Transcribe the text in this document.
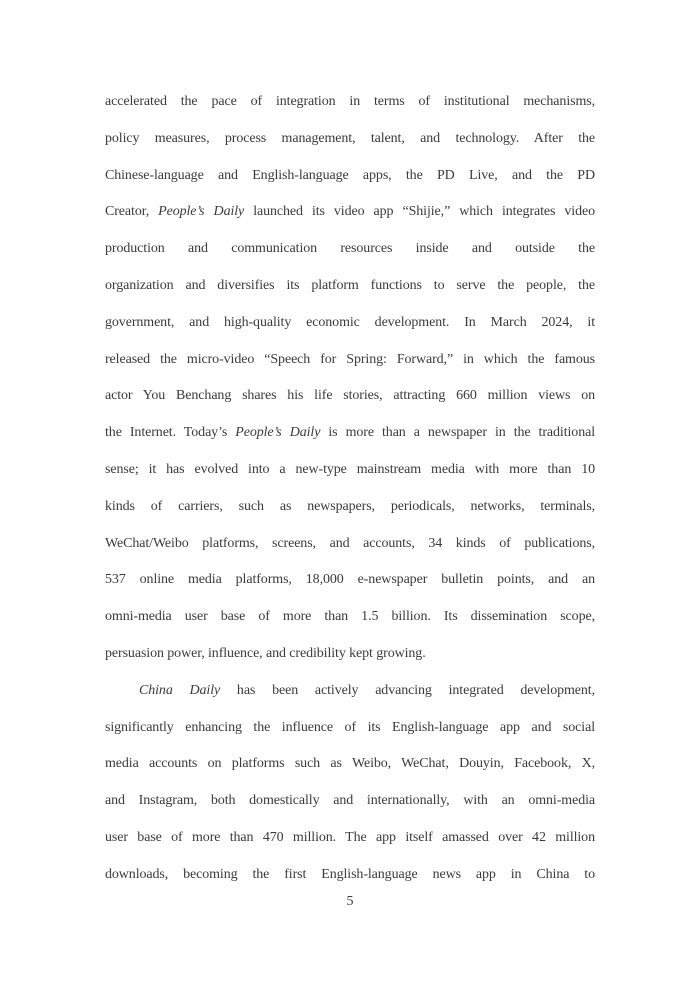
accelerated the pace of integration in terms of institutional mechanisms,
policy measures, process management, talent, and technology. After the
Chinese-language and English-language apps, the PD Live, and the PD
Creator, People’s Daily launched its video app “Shijie,” which integrates video
production and communication resources inside and outside the
organization and diversifies its platform functions to serve the people, the
government, and high-quality economic development. In March 2024, it
released the micro-video “Speech for Spring: Forward,” in which the famous
actor You Benchang shares his life stories, attracting 660 million views on
the Internet. Today’s People’s Daily is more than a newspaper in the traditional
sense; it has evolved into a new-type mainstream media with more than 10
kinds of carriers, such as newspapers, periodicals, networks, terminals,
WeChat/Weibo platforms, screens, and accounts, 34 kinds of publications,
537 online media platforms, 18,000 e-newspaper bulletin points, and an
omni-media user base of more than 1.5 billion. Its dissemination scope,
persuasion power, influence, and credibility kept growing.
China Daily has been actively advancing integrated development,
significantly enhancing the influence of its English-language app and social
media accounts on platforms such as Weibo, WeChat, Douyin, Facebook, X,
and Instagram, both domestically and internationally, with an omni-media
user base of more than 470 million. The app itself amassed over 42 million
downloads, becoming the first English-language news app in China to
5
